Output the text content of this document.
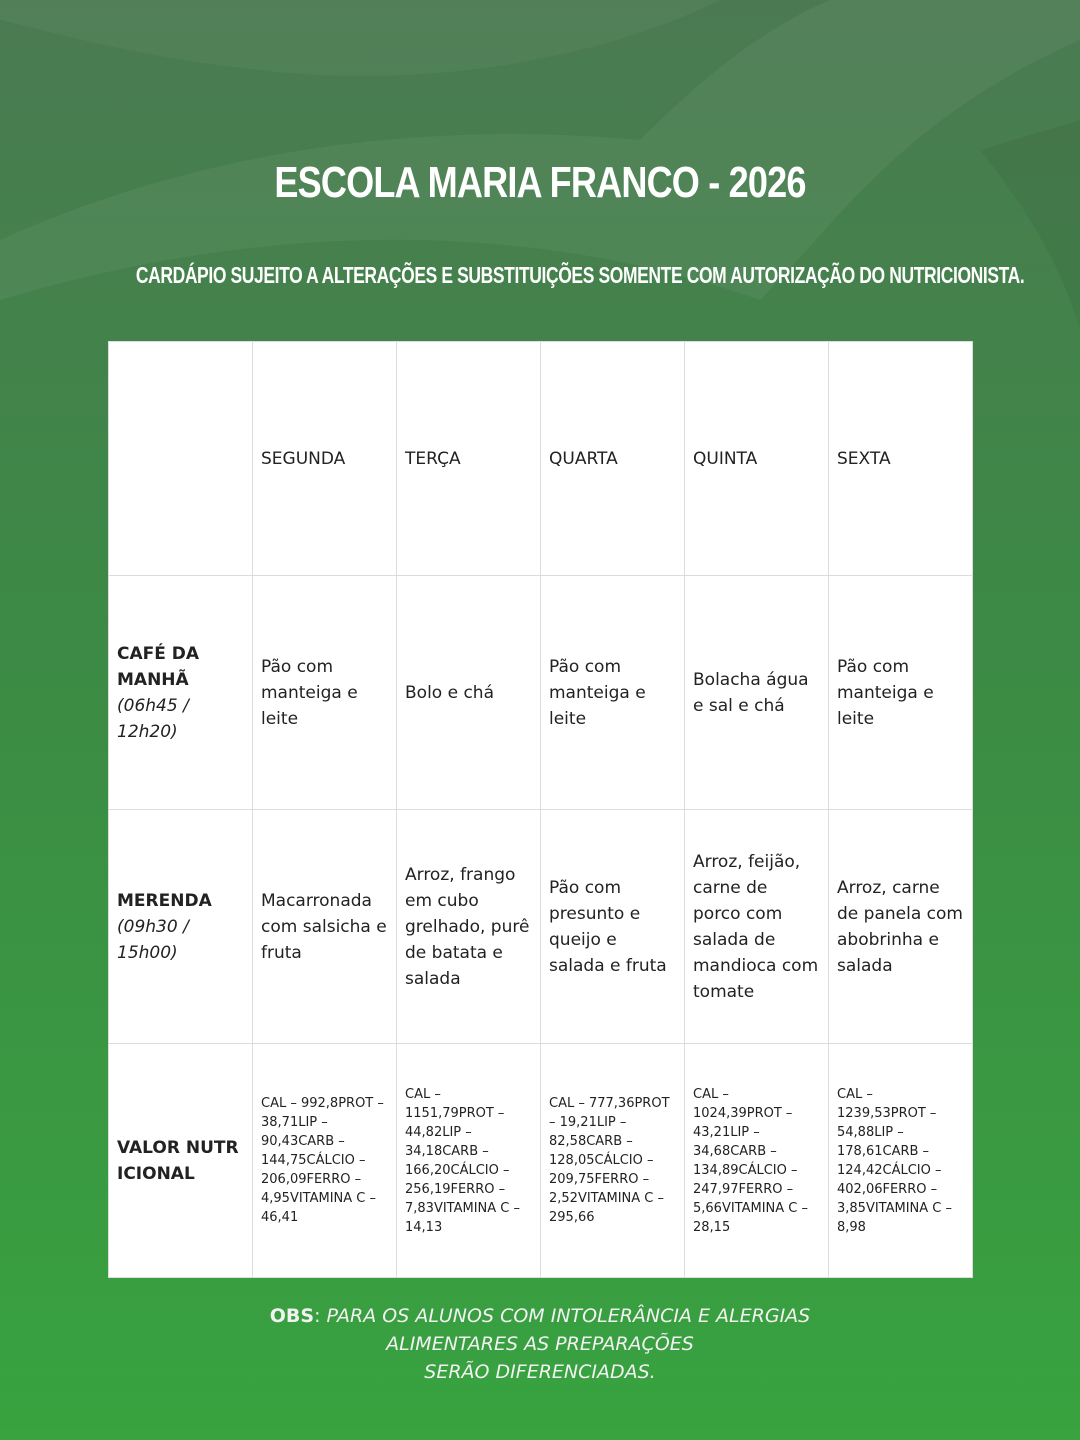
ESCOLA MARIA FRANCO - 2026
CARDÁPIO SUJEITO A ALTERAÇÕES E SUBSTITUIÇÕES SOMENTE COM AUTORIZAÇÃO DO NUTRICIONISTA.
	SEGUNDA	TERÇA	QUARTA	QUINTA	SEXTA

CAFÉ DA MANHÃ
(06h45 / 12h20)	Pão com manteiga e leite	Bolo e chá	Pão com manteiga e leite	Bolacha água e sal e chá	Pão com manteiga e leite

MERENDA
(09h30 / 15h00)	Macarronada com salsicha e fruta	Arroz, frango em cubo grelhado, purê de batata e salada	Pão com presunto e queijo e salada e fruta	Arroz, feijão, carne de porco com salada de mandioca com tomate	Arroz, carne de panela com abobrinha e salada

VALOR NUTRICIONAL	CAL – 992,8PROT – 38,71LIP – 90,43CARB – 144,75CÁLCIO – 206,09FERRO – 4,95VITAMINA C – 46,41	CAL – 1151,79PROT – 44,82LIP – 34,18CARB – 166,20CÁLCIO – 256,19FERRO – 7,83VITAMINA C – 14,13	CAL – 777,36PROT – 19,21LIP – 82,58CARB – 128,05CÁLCIO – 209,75FERRO – 2,52VITAMINA C – 295,66	CAL – 1024,39PROT – 43,21LIP – 34,68CARB – 134,89CÁLCIO – 247,97FERRO – 5,66VITAMINA C – 28,15	CAL – 1239,53PROT – 54,88LIP – 178,61CARB – 124,42CÁLCIO – 402,06FERRO – 3,85VITAMINA C – 8,98
OBS: PARA OS ALUNOS COM INTOLERÂNCIA E ALERGIAS
ALIMENTARES AS PREPARAÇÕES
SERÃO DIFERENCIADAS.
